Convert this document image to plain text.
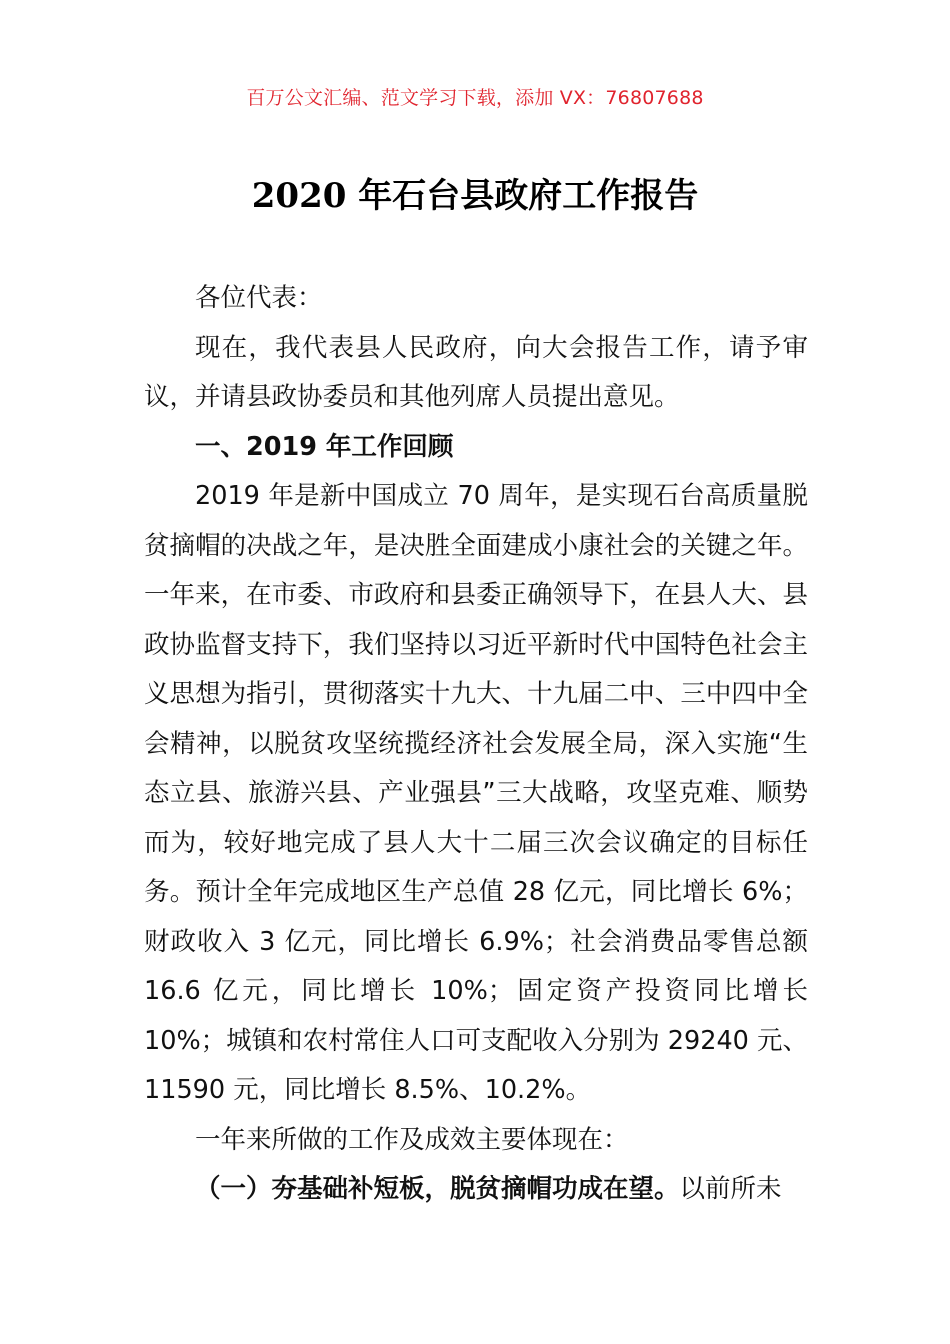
百万公文汇编、范文学习下载，添加 VX：76807688
2020 年石台县政府工作报告

各位代表：

现在，我代表县人民政府，向大会报告工作，请予审议，并请县政协委员和其他列席人员提出意见。

一、2019 年工作回顾

2019 年是新中国成立 70 周年，是实现石台高质量脱贫摘帽的决战之年，是决胜全面建成小康社会的关键之年。一年来，在市委、市政府和县委正确领导下，在县人大、县政协监督支持下，我们坚持以习近平新时代中国特色社会主义思想为指引，贯彻落实十九大、十九届二中、三中四中全会精神，以脱贫攻坚统揽经济社会发展全局，深入实施“生态立县、旅游兴县、产业强县”三大战略，攻坚克难、顺势而为，较好地完成了县人大十二届三次会议确定的目标任务。预计全年完成地区生产总值 28 亿元，同比增长 6%；财政收入 3 亿元，同比增长 6.9%；社会消费品零售总额 16.6 亿元，同比增长 10%；固定资产投资同比增长 10%；城镇和农村常住人口可支配收入分别为 29240 元、11590 元，同比增长 8.5%、10.2%。

一年来所做的工作及成效主要体现在：

（一）夯基础补短板，脱贫摘帽功成在望。以前所未
